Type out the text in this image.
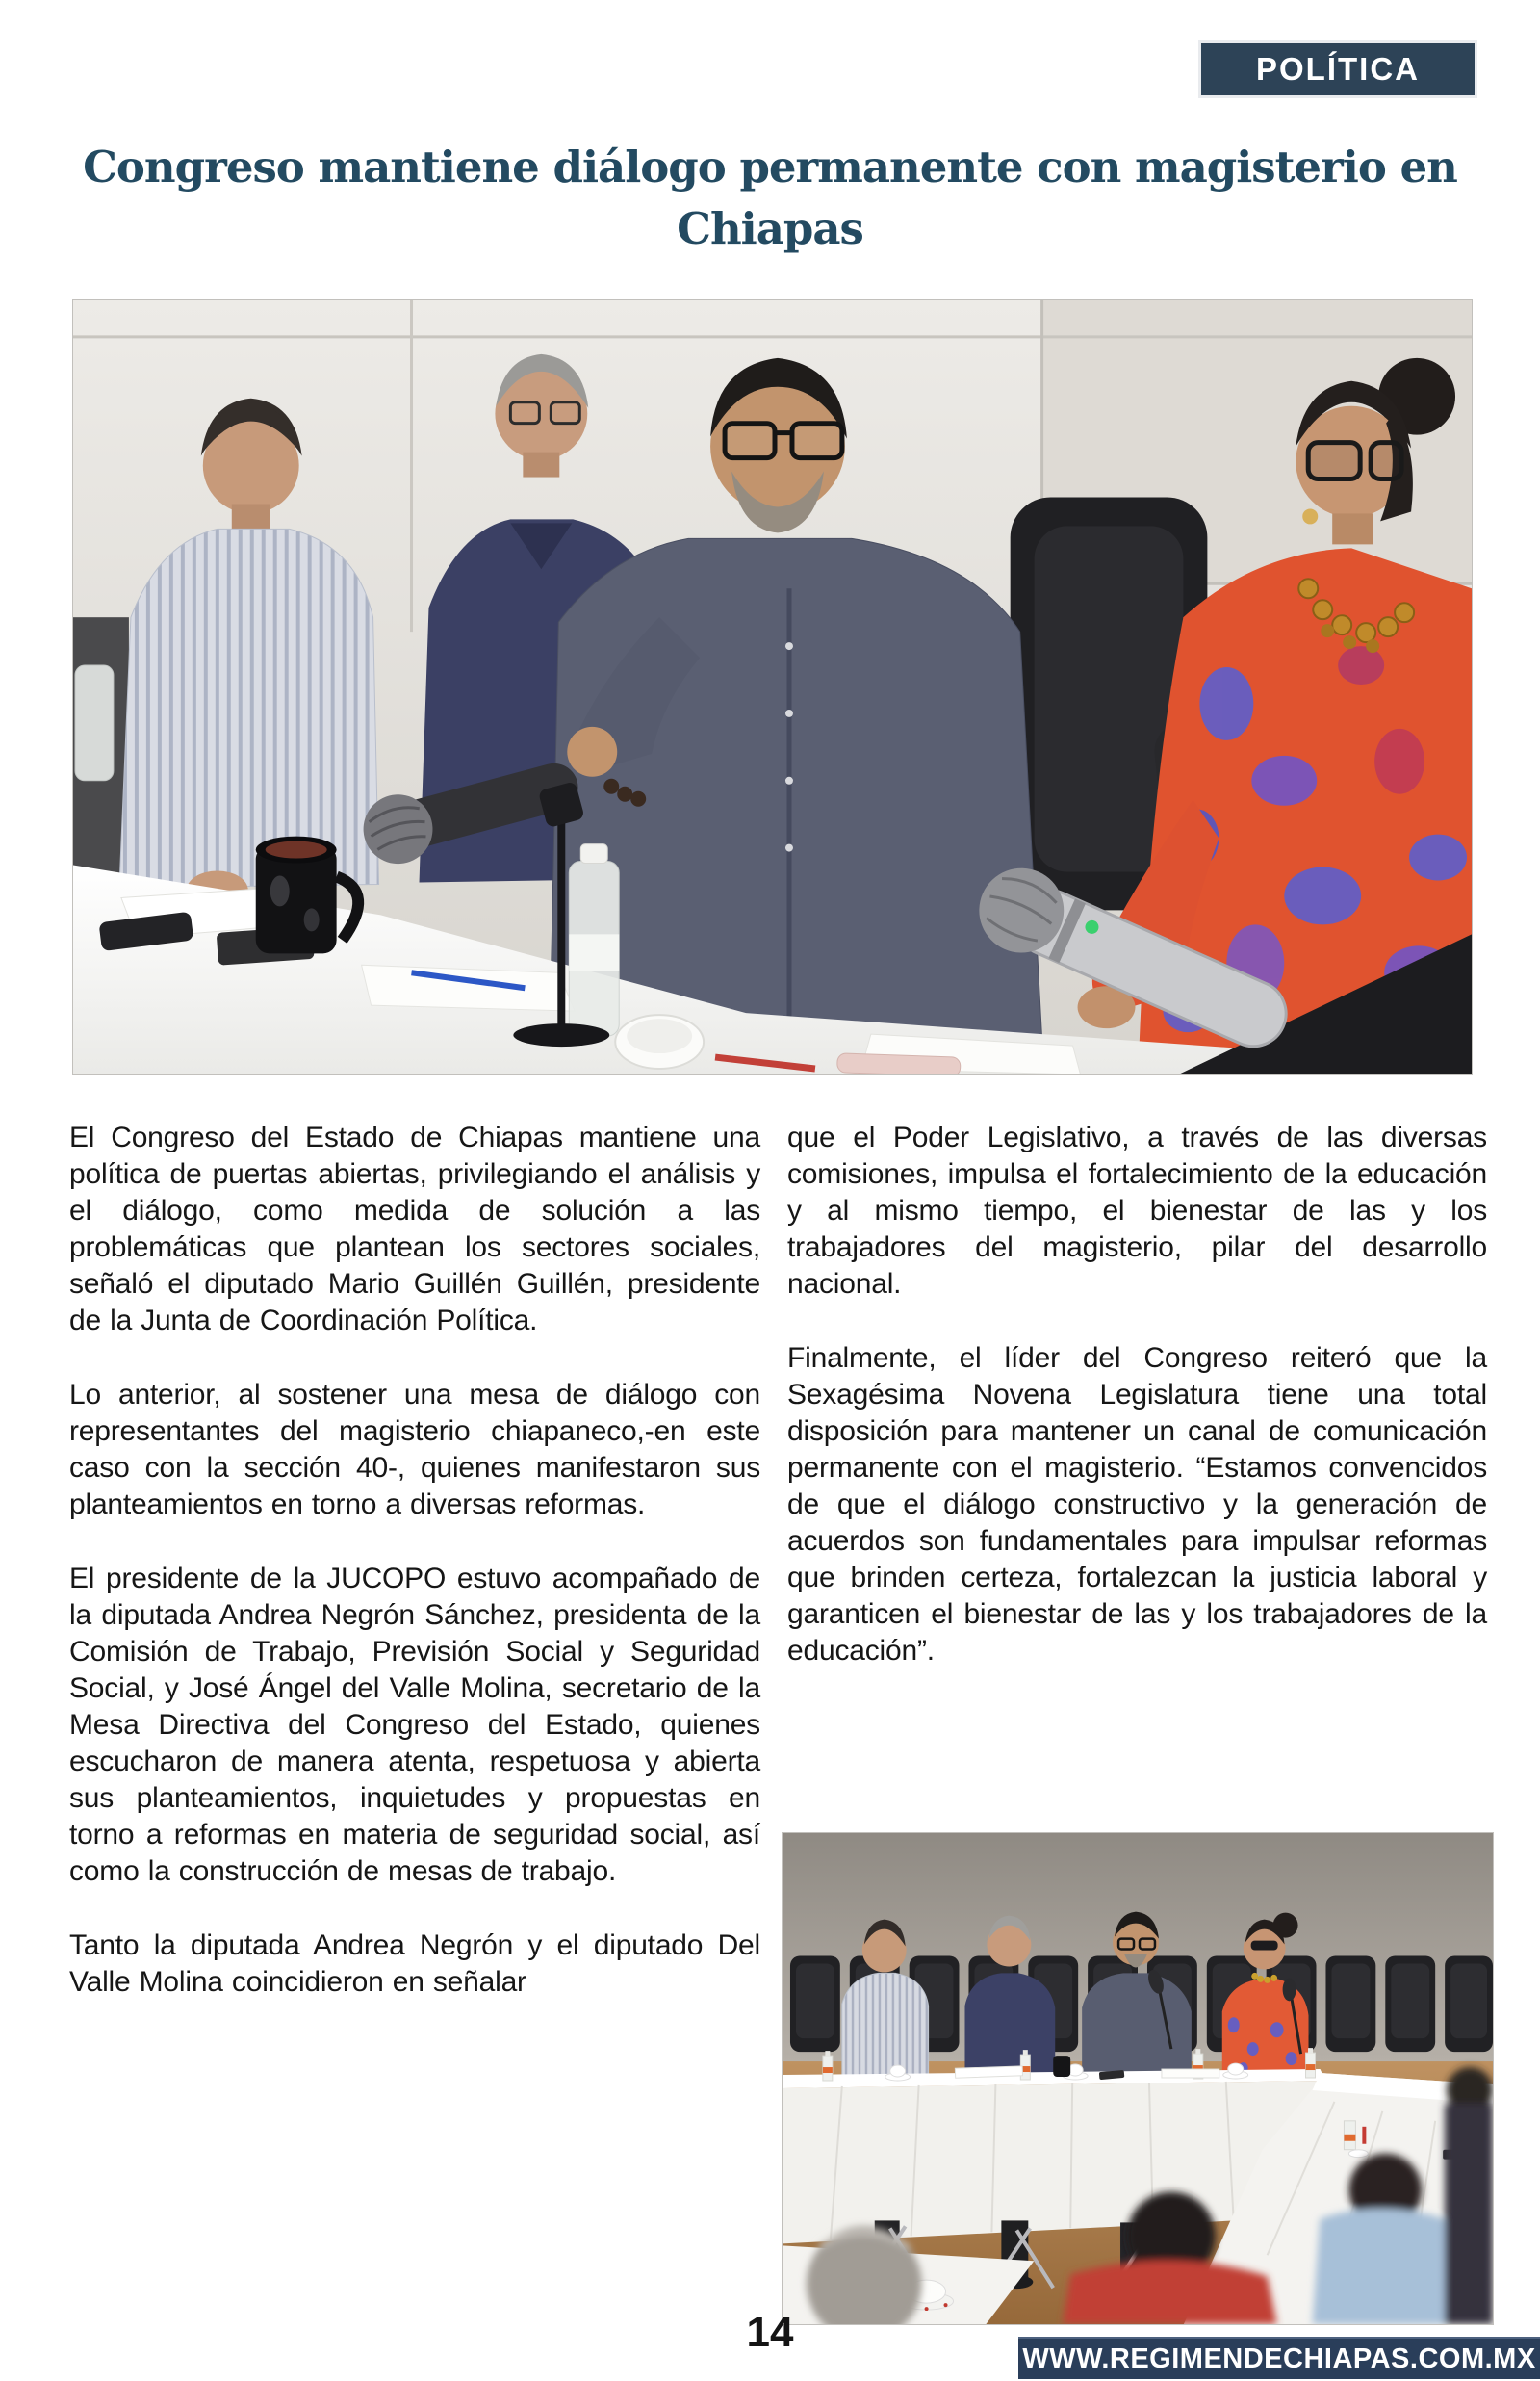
POLÍTICA
Congreso mantiene diálogo permanente con magisterio en
Chiapas

El Congreso del Estado de Chiapas mantiene una política de puertas abiertas, privilegiando el análisis y el diálogo, como medida de solución a las problemáticas que plantean los sectores sociales, señaló el diputado Mario Guillén Guillén, presidente de la Junta de Coordinación Política.

Lo anterior, al sostener una mesa de diálogo con representantes del magisterio chiapaneco,-en este caso con la sección 40-, quienes manifestaron sus planteamientos en torno a diversas reformas.

El presidente de la JUCOPO estuvo acompañado de la diputada Andrea Negrón Sánchez, presidenta de la Comisión de Trabajo, Previsión Social y Seguridad Social, y José Ángel del Valle Molina, secretario de la Mesa Directiva del Congreso del Estado, quienes escucharon de manera atenta, respetuosa y abierta sus planteamientos, inquietudes y propuestas en torno a reformas en materia de seguridad social, así como la construcción de mesas de trabajo.

Tanto la diputada Andrea Negrón y el diputado Del Valle Molina coincidieron en señalar

que el Poder Legislativo, a través de las diversas comisiones, impulsa el fortalecimiento de la educación y al mismo tiempo, el bienestar de las y los trabajadores del magisterio, pilar del desarrollo nacional.

Finalmente, el líder del Congreso reiteró que la Sexagésima Novena Legislatura tiene una total disposición para mantener un canal de comunicación permanente con el magisterio. “Estamos convencidos de que el diálogo constructivo y la generación de acuerdos son fundamentales para impulsar reformas que brinden certeza, fortalezcan la justicia laboral y garanticen el bienestar de las y los trabajadores de la educación”.

14
WWW.REGIMENDECHIAPAS.COM.MX
